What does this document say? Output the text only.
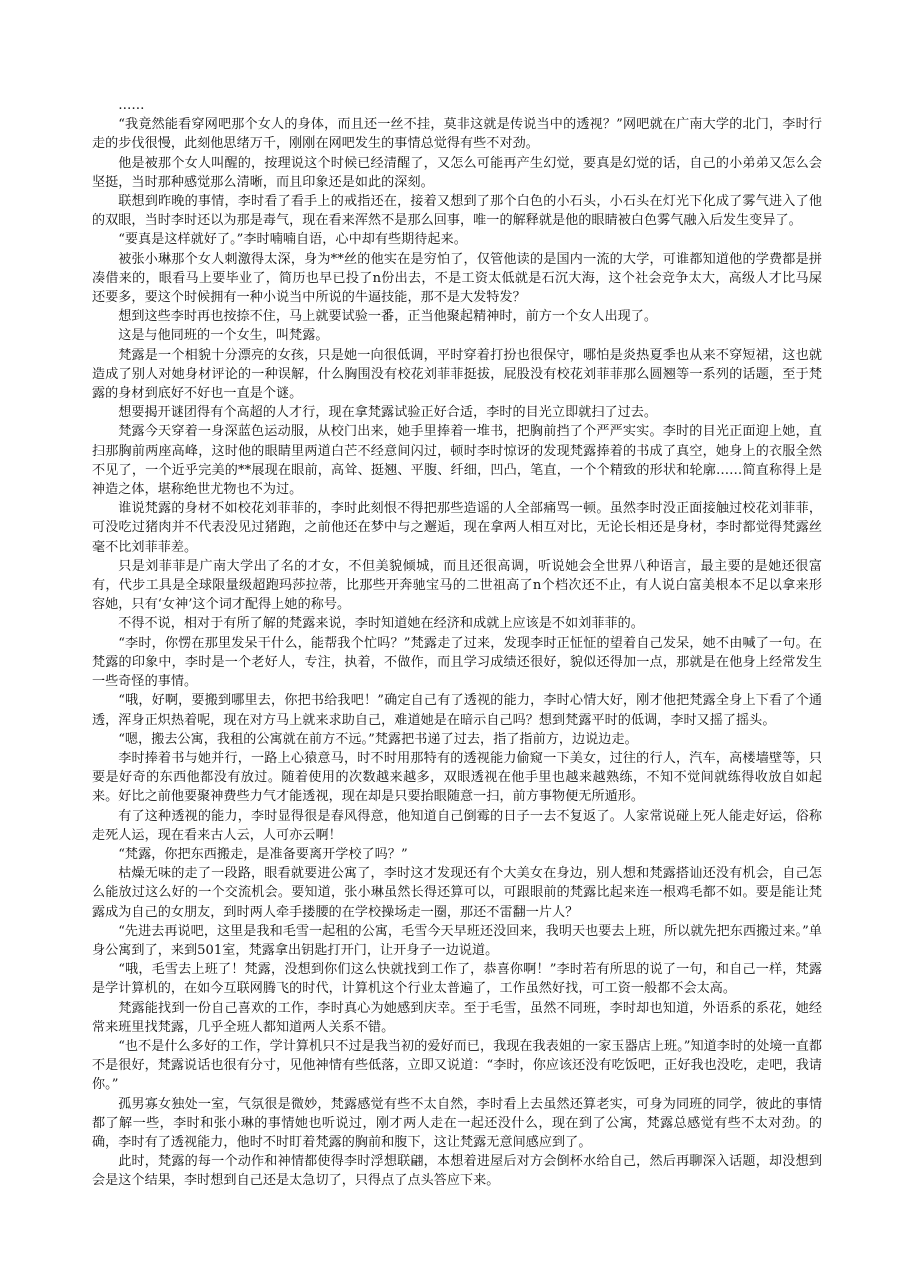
……

“我竟然能看穿网吧那个女人的身体，而且还一丝不挂，莫非这就是传说当中的透视？”网吧就在广南大学的北门，李时行走的步伐很慢，此刻他思绪万千，刚刚在网吧发生的事情总觉得有些不对劲。

他是被那个女人叫醒的，按理说这个时候已经清醒了，又怎么可能再产生幻觉，要真是幻觉的话，自己的小弟弟又怎么会坚挺，当时那种感觉那么清晰，而且印象还是如此的深刻。

联想到昨晚的事情，李时看了看手上的戒指还在，接着又想到了那个白色的小石头，小石头在灯光下化成了雾气进入了他的双眼，当时李时还以为那是毒气，现在看来浑然不是那么回事，唯一的解释就是他的眼睛被白色雾气融入后发生变异了。

“要真是这样就好了。”李时喃喃自语，心中却有些期待起来。

被张小琳那个女人刺激得太深，身为**丝的他实在是穷怕了，仅管他读的是国内一流的大学，可谁都知道他的学费都是拼凑借来的，眼看马上要毕业了，简历也早已投了n份出去，不是工资太低就是石沉大海，这个社会竞争太大，高级人才比马屎还要多，要这个时候拥有一种小说当中所说的牛逼技能，那不是大发特发？

想到这些李时再也按捺不住，马上就要试验一番，正当他聚起精神时，前方一个女人出现了。

这是与他同班的一个女生，叫梵露。

梵露是一个相貌十分漂亮的女孩，只是她一向很低调，平时穿着打扮也很保守，哪怕是炎热夏季也从来不穿短裙，这也就造成了别人对她身材评论的一种误解，什么胸围没有校花刘菲菲挺拔，屁股没有校花刘菲菲那么圆翘等一系列的话题，至于梵露的身材到底好不好也一直是个谜。

想要揭开谜团得有个高超的人才行，现在拿梵露试验正好合适，李时的目光立即就扫了过去。

梵露今天穿着一身深蓝色运动服，从校门出来，她手里捧着一堆书，把胸前挡了个严严实实。李时的目光正面迎上她，直扫那胸前两座高峰，这时他的眼睛里两道白芒不经意间闪过，顿时李时惊讶的发现梵露捧着的书成了真空，她身上的衣服全然不见了，一个近乎完美的**展现在眼前，高耸、挺翘、平腹、纤细，凹凸，笔直，一个个精致的形状和轮廓……简直称得上是神造之体，堪称绝世尤物也不为过。

谁说梵露的身材不如校花刘菲菲的，李时此刻恨不得把那些造谣的人全部痛骂一顿。虽然李时没正面接触过校花刘菲菲，可没吃过猪肉并不代表没见过猪跑，之前他还在梦中与之邂逅，现在拿两人相互对比，无论长相还是身材，李时都觉得梵露丝毫不比刘菲菲差。

只是刘菲菲是广南大学出了名的才女，不但美貌倾城，而且还很高调，听说她会全世界八种语言，最主要的是她还很富有，代步工具是全球限量级超跑玛莎拉蒂，比那些开奔驰宝马的二世祖高了n个档次还不止，有人说白富美根本不足以拿来形容她，只有‘女神’这个词才配得上她的称号。

不得不说，相对于有所了解的梵露来说，李时知道她在经济和成就上应该是不如刘菲菲的。

“李时，你愣在那里发呆干什么，能帮我个忙吗？”梵露走了过来，发现李时正怔怔的望着自己发呆，她不由喊了一句。在梵露的印象中，李时是一个老好人，专注，执着，不做作，而且学习成绩还很好，貌似还得加一点，那就是在他身上经常发生一些奇怪的事情。

“哦，好啊，要搬到哪里去，你把书给我吧！”确定自己有了透视的能力，李时心情大好，刚才他把梵露全身上下看了个通透，浑身正炽热着呢，现在对方马上就来求助自己，难道她是在暗示自己吗？想到梵露平时的低调，李时又摇了摇头。

“嗯，搬去公寓，我租的公寓就在前方不远。”梵露把书递了过去，指了指前方，边说边走。

李时捧着书与她并行，一路上心猿意马，时不时用那特有的透视能力偷窥一下美女，过往的行人，汽车，高楼墙壁等，只要是好奇的东西他都没有放过。随着使用的次数越来越多，双眼透视在他手里也越来越熟练，不知不觉间就练得收放自如起来。好比之前他要聚神费些力气才能透视，现在却是只要抬眼随意一扫，前方事物便无所遁形。

有了这种透视的能力，李时显得很是春风得意，他知道自己倒霉的日子一去不复返了。人家常说碰上死人能走好运，俗称走死人运，现在看来古人云，人可亦云啊！

“梵露，你把东西搬走，是准备要离开学校了吗？”

枯燥无味的走了一段路，眼看就要进公寓了，李时这才发现还有个大美女在身边，别人想和梵露搭讪还没有机会，自己怎么能放过这么好的一个交流机会。要知道，张小琳虽然长得还算可以，可跟眼前的梵露比起来连一根鸡毛都不如。要是能让梵露成为自己的女朋友，到时两人牵手搂腰的在学校操场走一圈，那还不雷翻一片人？

“先进去再说吧，这里是我和毛雪一起租的公寓，毛雪今天早班还没回来，我明天也要去上班，所以就先把东西搬过来。”单身公寓到了，来到501室，梵露拿出钥匙打开门，让开身子一边说道。

“哦，毛雪去上班了！梵露，没想到你们这么快就找到工作了，恭喜你啊！”李时若有所思的说了一句，和自己一样，梵露是学计算机的，在如今互联网腾飞的时代，计算机这个行业太普遍了，工作虽然好找，可工资一般都不会太高。

梵露能找到一份自己喜欢的工作，李时真心为她感到庆幸。至于毛雪，虽然不同班，李时却也知道，外语系的系花，她经常来班里找梵露，几乎全班人都知道两人关系不错。

“也不是什么多好的工作，学计算机只不过是我当初的爱好而已，我现在我表姐的一家玉器店上班。”知道李时的处境一直都不是很好，梵露说话也很有分寸，见他神情有些低落，立即又说道：“李时，你应该还没有吃饭吧，正好我也没吃，走吧，我请你。”

孤男寡女独处一室，气氛很是微妙，梵露感觉有些不太自然，李时看上去虽然还算老实，可身为同班的同学，彼此的事情都了解一些，李时和张小琳的事情她也听说过，刚才两人走在一起还没什么，现在到了公寓，梵露总感觉有些不太对劲。的确，李时有了透视能力，他时不时盯着梵露的胸前和腹下，这让梵露无意间感应到了。

此时，梵露的每一个动作和神情都使得李时浮想联翩，本想着进屋后对方会倒杯水给自己，然后再聊深入话题，却没想到会是这个结果，李时想到自己还是太急切了，只得点了点头答应下来。
